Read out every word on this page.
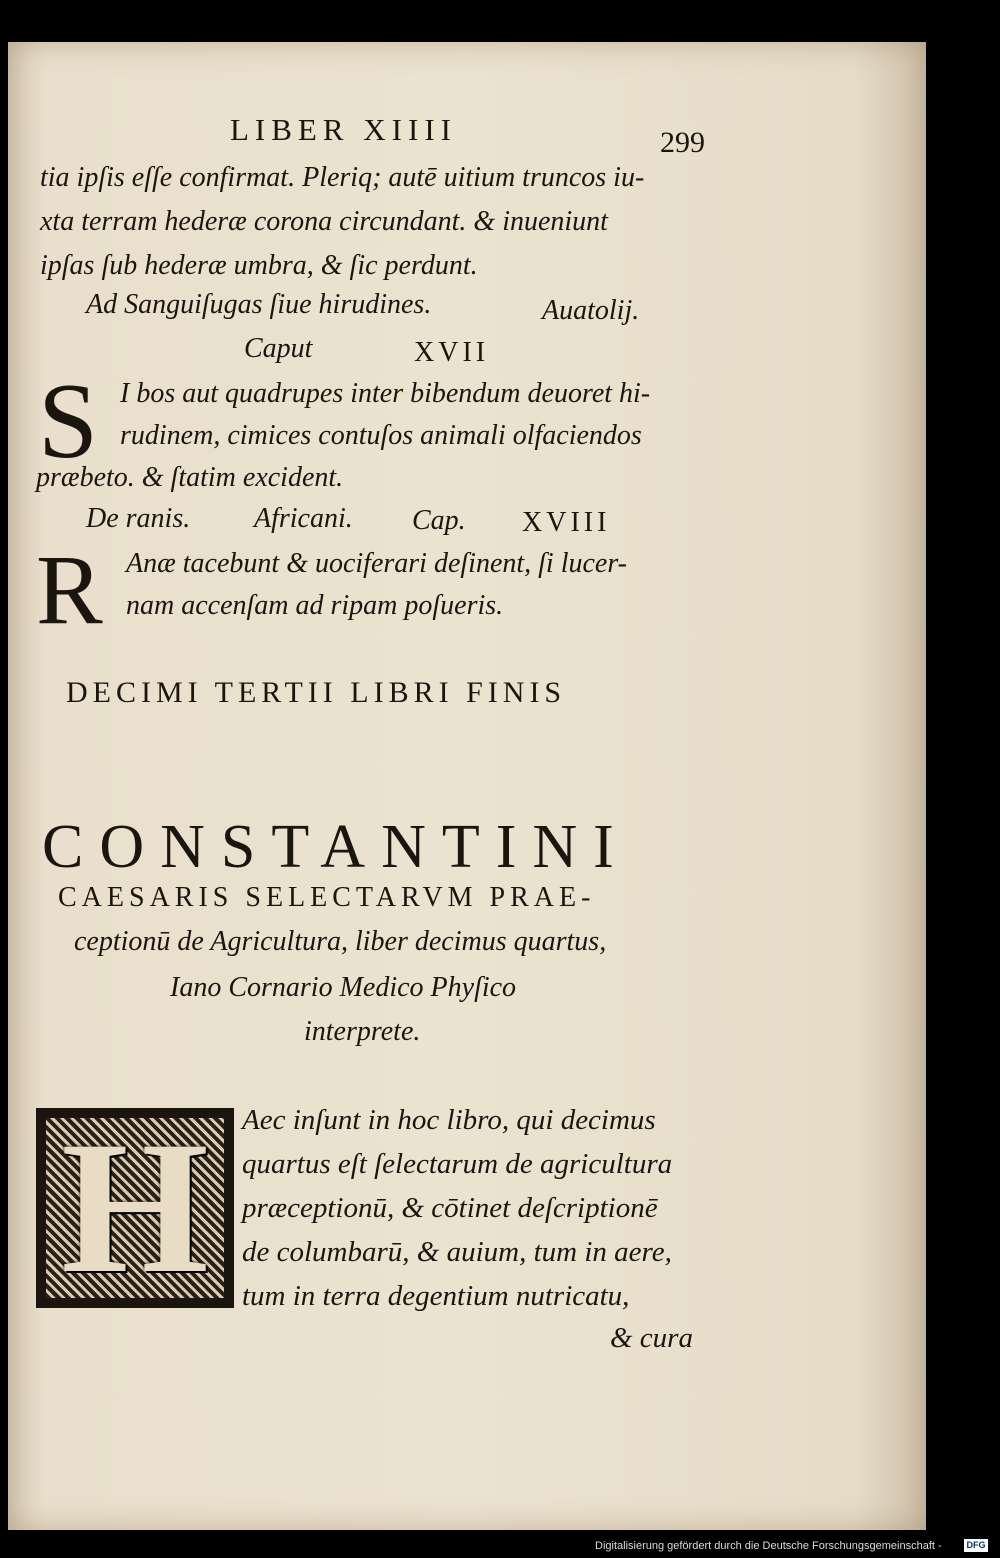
LIBER XIIII	299
tia ipſis eſſe confirmat. Pleriq; autē uitium truncos iu-
xta terram hederæ corona circundant. & inueniunt
ipſas ſub hederæ umbra, & ſic perdunt.
Ad Sanguiſugas ſiue hirudines.	Auatolij.
Caput	XVII
S I bos aut quadrupes inter bibendum deuoret hi-
rudinem, cimices contuſos animali olfaciendos
præbeto. & ſtatim excident.
De ranis. Africani. Cap. XVIII
R Anæ tacebunt & uociferari deſinent, ſi lucer-
nam accenſam ad ripam poſueris.
DECIMI TERTII LIBRI FINIS
CONSTANTINI
CAESARIS SELECTARVM PRAE-
ceptionū de Agricultura, liber decimus quartus,
Iano Cornario Medico Phyſico
interprete.
H	Aec inſunt in hoc libro, qui decimus
quartus eſt ſelectarum de agricultura
præceptionū, & cōtinet deſcriptionē
de columbarū, & auium, tum in aere,
tum in terra degentium nutricatu,
& cura
Digitalisierung gefördert durch die Deutsche Forschungsgemeinschaft -	DFG
